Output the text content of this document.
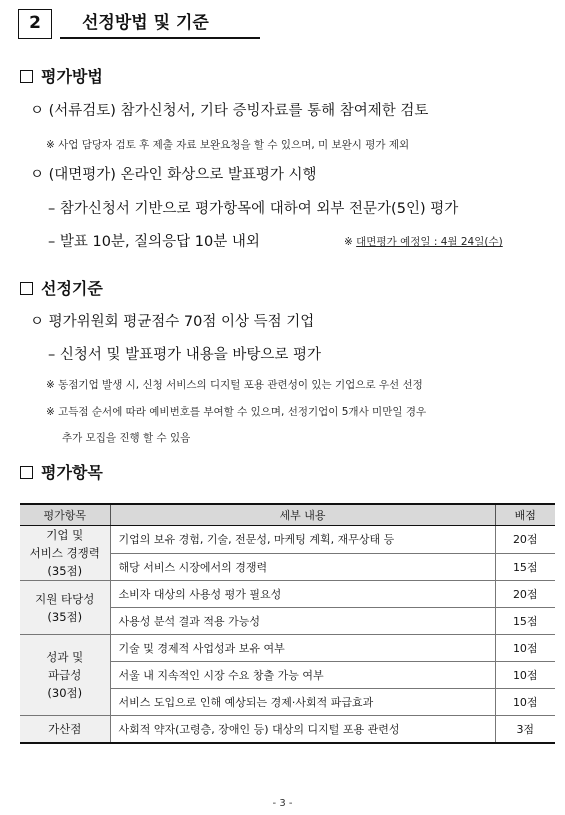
2	선정방법 및 기준
평가방법
ㅇ (서류검토) 참가신청서, 기타 증빙자료를 통해 참여제한 검토
※ 사업 담당자 검토 후 제출 자료 보완요청을 할 수 있으며, 미 보완시 평가 제외
ㅇ (대면평가) 온라인 화상으로 발표평가 시행
– 참가신청서 기반으로 평가항목에 대하여 외부 전문가(5인) 평가
– 발표 10분, 질의응답 10분 내외	※ 대면평가 예정일 : 4월 24일(수)
선정기준
ㅇ 평가위원회 평균점수 70점 이상 득점 기업
– 신청서 및 발표평가 내용을 바탕으로 평가
※ 동점기업 발생 시, 신청 서비스의 디지털 포용 관련성이 있는 기업으로 우선 선정
※ 고득점 순서에 따라 예비번호를 부여할 수 있으며, 선정기업이 5개사 미만일 경우
추가 모집을 진행 할 수 있음
평가항목
평가항목	세부 내용	배점

기업 및
서비스 경쟁력
(35점)	기업의 보유 경험, 기술, 전문성, 마케팅 계획, 재무상태 등	20점
	해당 서비스 시장에서의 경쟁력	15점

지원 타당성
(35점)	소비자 대상의 사용성 평가 필요성	20점
	사용성 분석 결과 적용 가능성	15점

성과 및
파급성
(30점)	기술 및 경제적 사업성과 보유 여부	10점
	서울 내 지속적인 시장 수요 창출 가능 여부	10점
	서비스 도입으로 인해 예상되는 경제·사회적 파급효과	10점

가산점	사회적 약자(고령층, 장애인 등) 대상의 디지털 포용 관련성	3점
- 3 -
